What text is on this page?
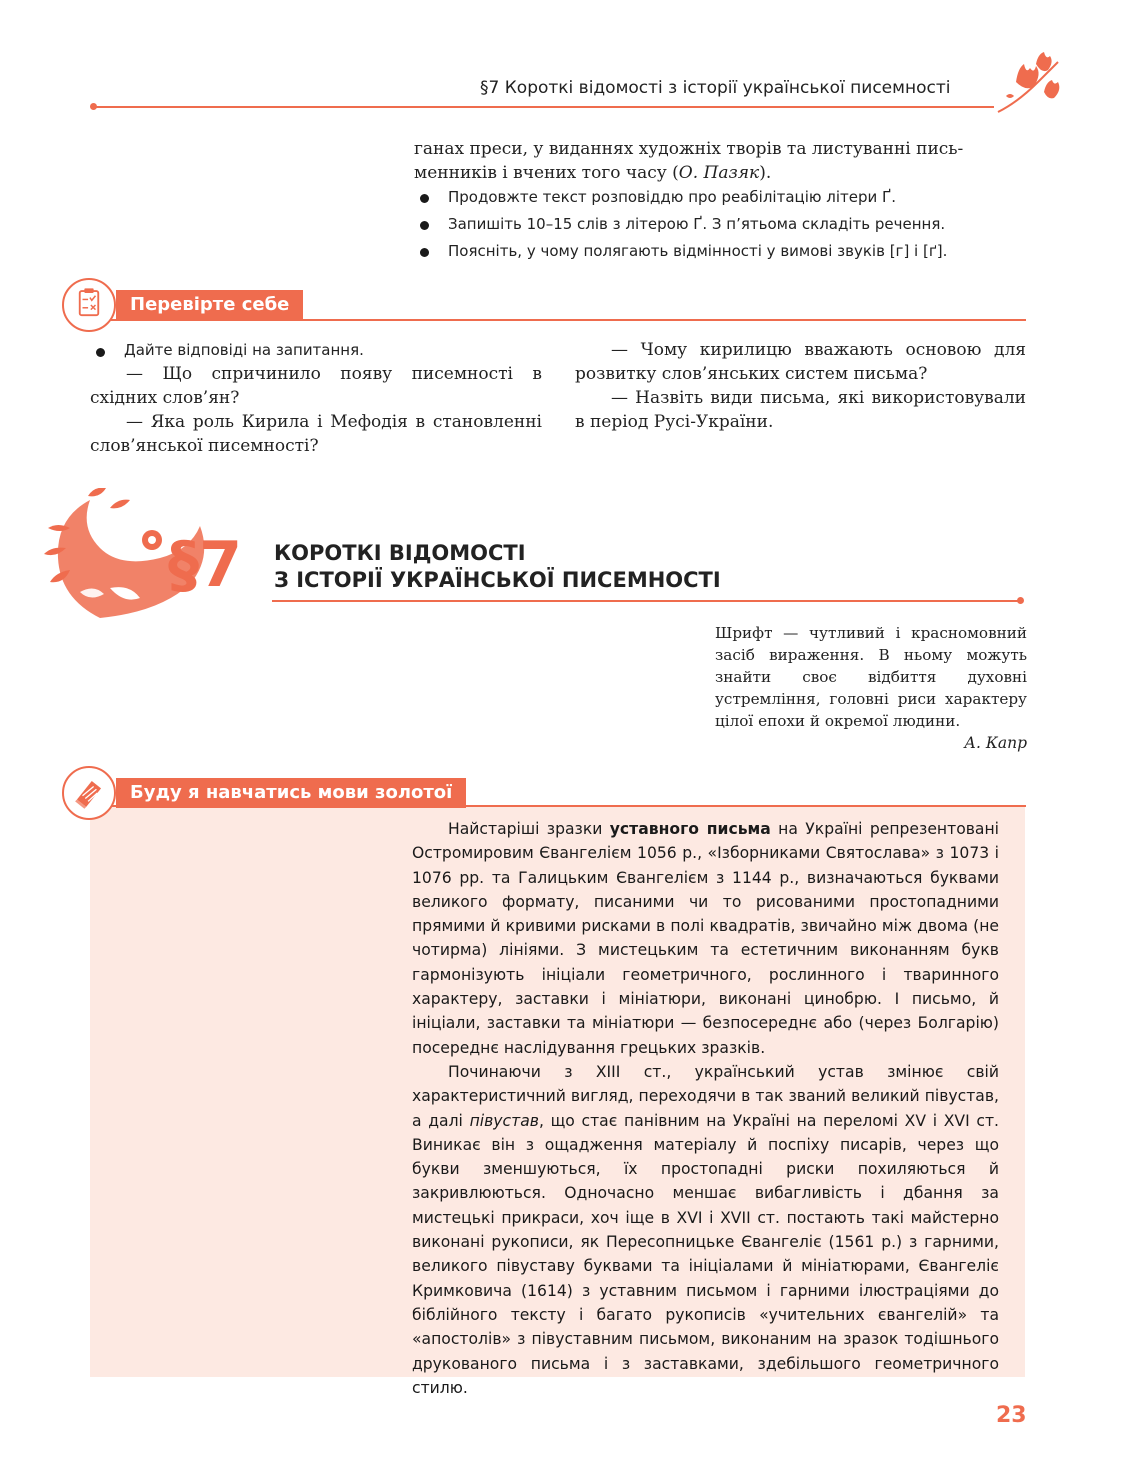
§7 Короткі відомості з історії української писемності
ганах преси, у виданнях художніх творів та листуванні пись-
менників і вчених того часу (О. Пазяк).
Продовжте текст розповіддю про реабілітацію літери Ґ.
Запишіть 10–15 слів з літерою Ґ. З п’ятьома складіть речення.
Поясніть, у чому полягають відмінності у вимові звуків [г] і [ґ].
Перевірте себе
Дайте відповіді на запитання.
— Що спричинило появу писемності в східних слов’ян?
— Яка роль Кирила і Мефодія в становленні слов’янської писемності?
— Чому кирилицю вважають основою для розвитку слов’янських систем письма?
— Назвіть види письма, які використовували в період Русі-України.
§7 КОРОТКІ ВІДОМОСТІ
З ІСТОРІЇ УКРАЇНСЬКОЇ ПИСЕМНОСТІ
Шрифт — чутливий і красномовний засіб вираження. В ньому можуть знайти своє відбиття духовні устремління, головні риси характеру цілої епохи й окремої людини.
А. Капр
Буду я навчатись мови золотої

Найстаріші зразки уставного письма на Україні репрезентовані Остромировим Євангелієм 1056 р., «Ізборниками Святослава» з 1073 і 1076 рр. та Галицьким Євангелієм з 1144 р., визначаються буквами великого формату, писаними чи то рисованими простопадними прямими й кривими рисками в полі квадратів, звичайно між двома (не чотирма) лініями. З мистецьким та естетичним виконанням букв гармонізують ініціали геометричного, рослинного і тваринного характеру, заставки і мініатюри, виконані цинобрю. І письмо, й ініціали, заставки та мініатюри — безпосереднє або (через Болгарію) посереднє наслідування грецьких зразків.

Починаючи з XIII ст., український устав змінює свій характеристичний вигляд, переходячи в так званий великий півустав, а далі півустав, що стає панівним на Україні на переломі XV і XVI ст. Виникає він з ощадження матеріалу й поспіху писарів, через що букви зменшуються, їх простопадні риски похиляються й закривлюються. Одночасно меншає вибагливість і дбання за мистецькі прикраси, хоч іще в XVI і XVII ст. постають такі майстерно виконані рукописи, як Пересопницьке Євангеліє (1561 р.) з гарними, великого півуставу буквами та ініціалами й мініатюрами, Євангеліє Кримковича (1614) з уставним письмом і гарними ілюстраціями до біблійного тексту і багато рукописів «учительних євангелій» та «апостолів» з півуставним письмом, виконаним на зразок тодішнього друкованого письма і з заставками, здебільшого геометричного стилю.

23
